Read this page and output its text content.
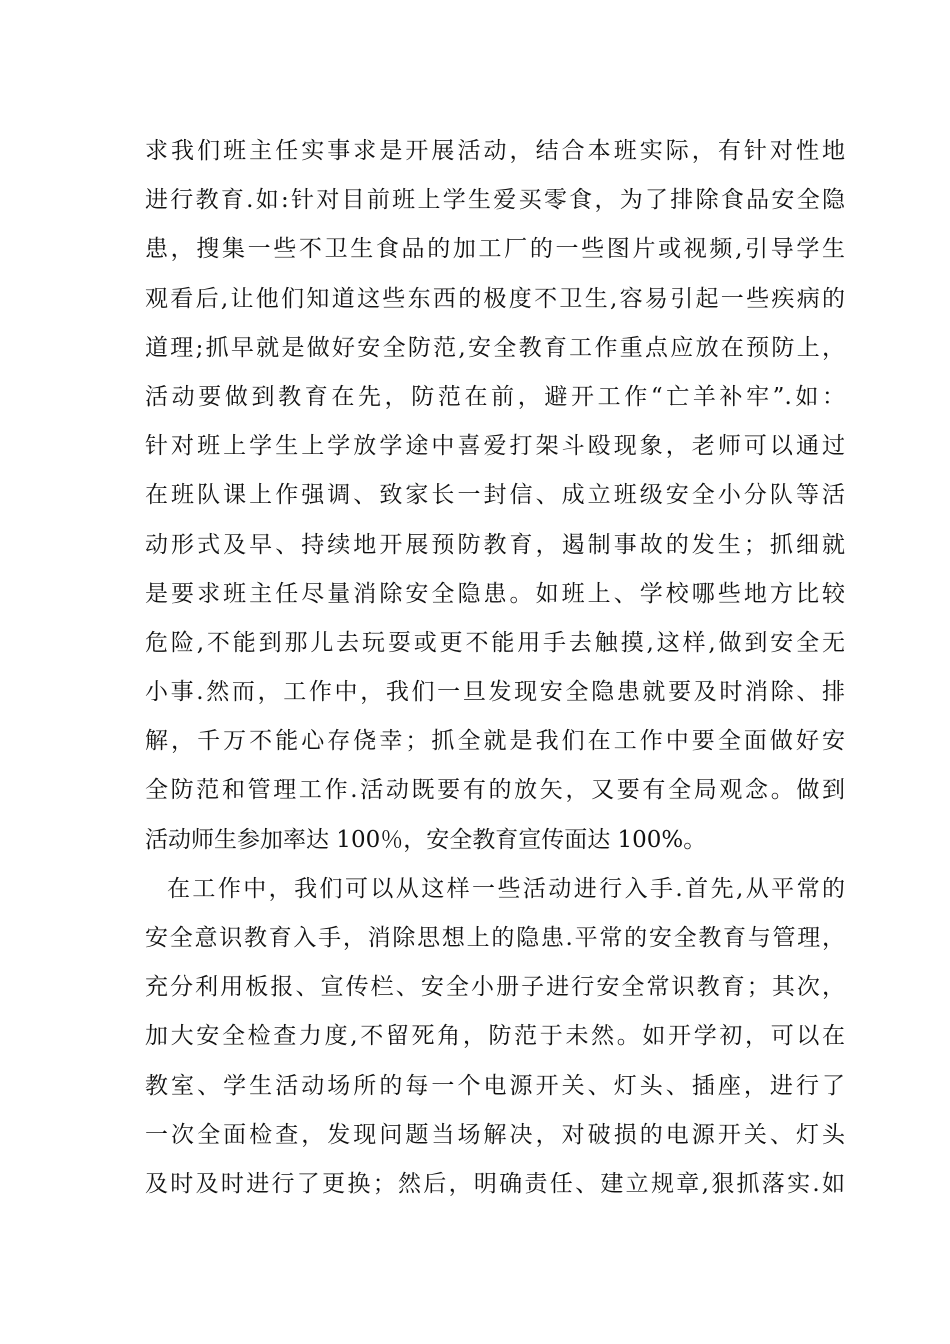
求我们班主任实事求是开展活动，结合本班实际，有针对性地
进行教育.如:针对目前班上学生爱买零食，为了排除食品安全隐
患，搜集一些不卫生食品的加工厂的一些图片或视频,引导学生
观看后,让他们知道这些东西的极度不卫生,容易引起一些疾病的
道理;抓早就是做好安全防范,安全教育工作重点应放在预防上，
活动要做到教育在先，防范在前，避开工作“亡羊补牢”.如：
针对班上学生上学放学途中喜爱打架斗殴现象，老师可以通过
在班队课上作强调、致家长一封信、成立班级安全小分队等活
动形式及早、持续地开展预防教育，遏制事故的发生；抓细就
是要求班主任尽量消除安全隐患。如班上、学校哪些地方比较
危险,不能到那儿去玩耍或更不能用手去触摸,这样,做到安全无
小事.然而，工作中，我们一旦发现安全隐患就要及时消除、排
解，千万不能心存侥幸；抓全就是我们在工作中要全面做好安
全防范和管理工作.活动既要有的放矢，又要有全局观念。做到
活动师生参加率达 100％，安全教育宣传面达 100%。
在工作中，我们可以从这样一些活动进行入手.首先,从平常的
安全意识教育入手，消除思想上的隐患.平常的安全教育与管理，
充分利用板报、宣传栏、安全小册子进行安全常识教育；其次，
加大安全检查力度,不留死角，防范于未然。如开学初，可以在
教室、学生活动场所的每一个电源开关、灯头、插座，进行了
一次全面检查，发现问题当场解决，对破损的电源开关、灯头
及时及时进行了更换；然后，明确责任、建立规章,狠抓落实.如
